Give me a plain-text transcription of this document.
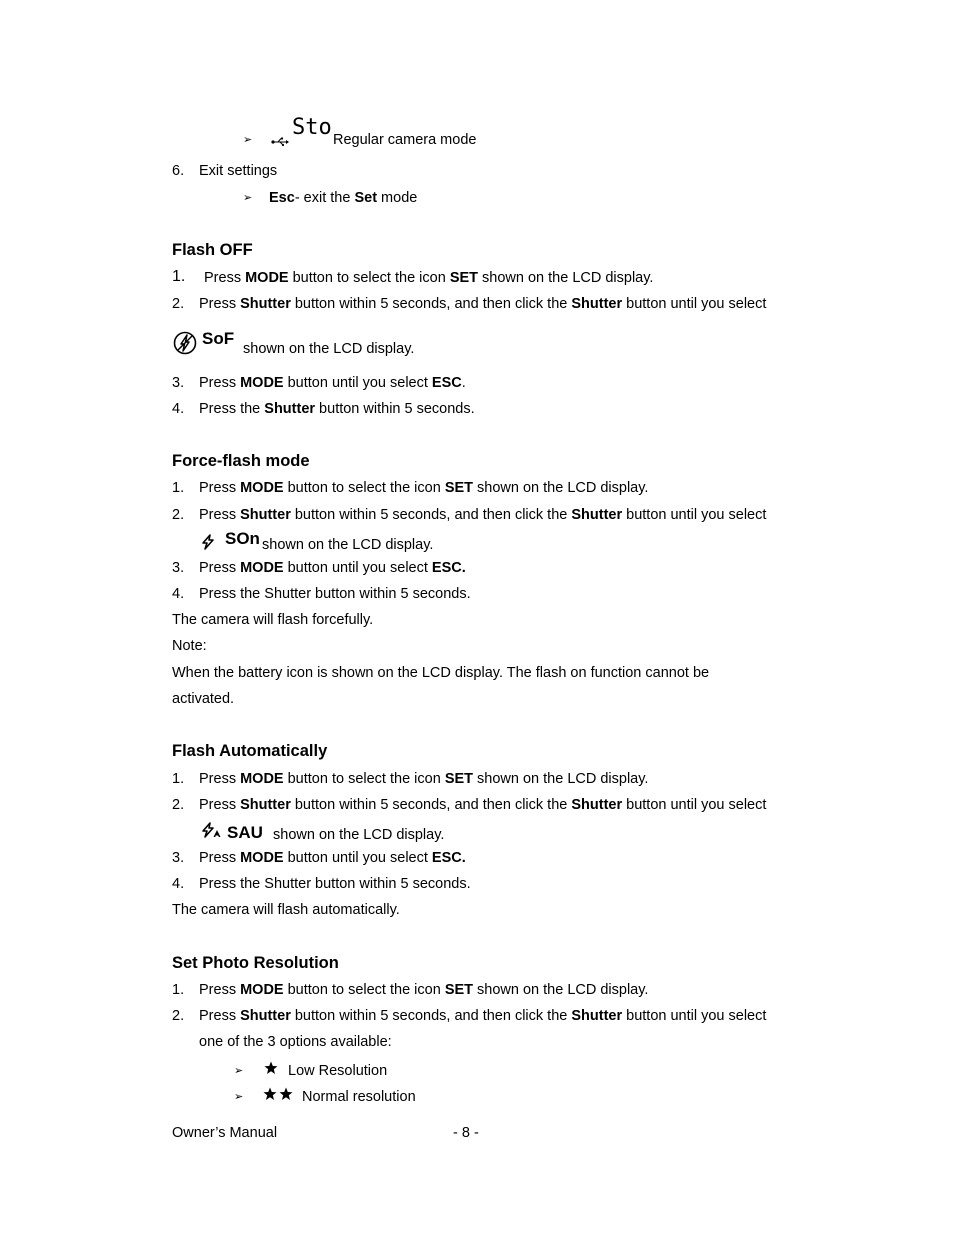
➢ Sto Regular camera mode
6. Exit settings
➢ Esc- exit the Set mode
Flash OFF
1. Press MODE button to select the icon SET shown on the LCD display.
2. Press Shutter button within 5 seconds, and then click the Shutter button until you select
SoF
shown on the LCD display.
3. Press MODE button until you select ESC.
4. Press the Shutter button within 5 seconds.
Force-flash mode
1. Press MODE button to select the icon SET shown on the LCD display.
2. Press Shutter button within 5 seconds, and then click the Shutter button until you select
SOn shown on the LCD display.
3. Press MODE button until you select ESC.
4. Press the Shutter button within 5 seconds.
The camera will flash forcefully.
Note:
When the battery icon is shown on the LCD display. The flash on function cannot be
activated.
Flash Automatically
1. Press MODE button to select the icon SET shown on the LCD display.
2. Press Shutter button within 5 seconds, and then click the Shutter button until you select
SAU shown on the LCD display.
3. Press MODE button until you select ESC.
4. Press the Shutter button within 5 seconds.
The camera will flash automatically.
Set Photo Resolution
1. Press MODE button to select the icon SET shown on the LCD display.
2. Press Shutter button within 5 seconds, and then click the Shutter button until you select
one of the 3 options available:
➢	Low Resolution
➢	Normal resolution
Owner’s Manual	- 8 -
